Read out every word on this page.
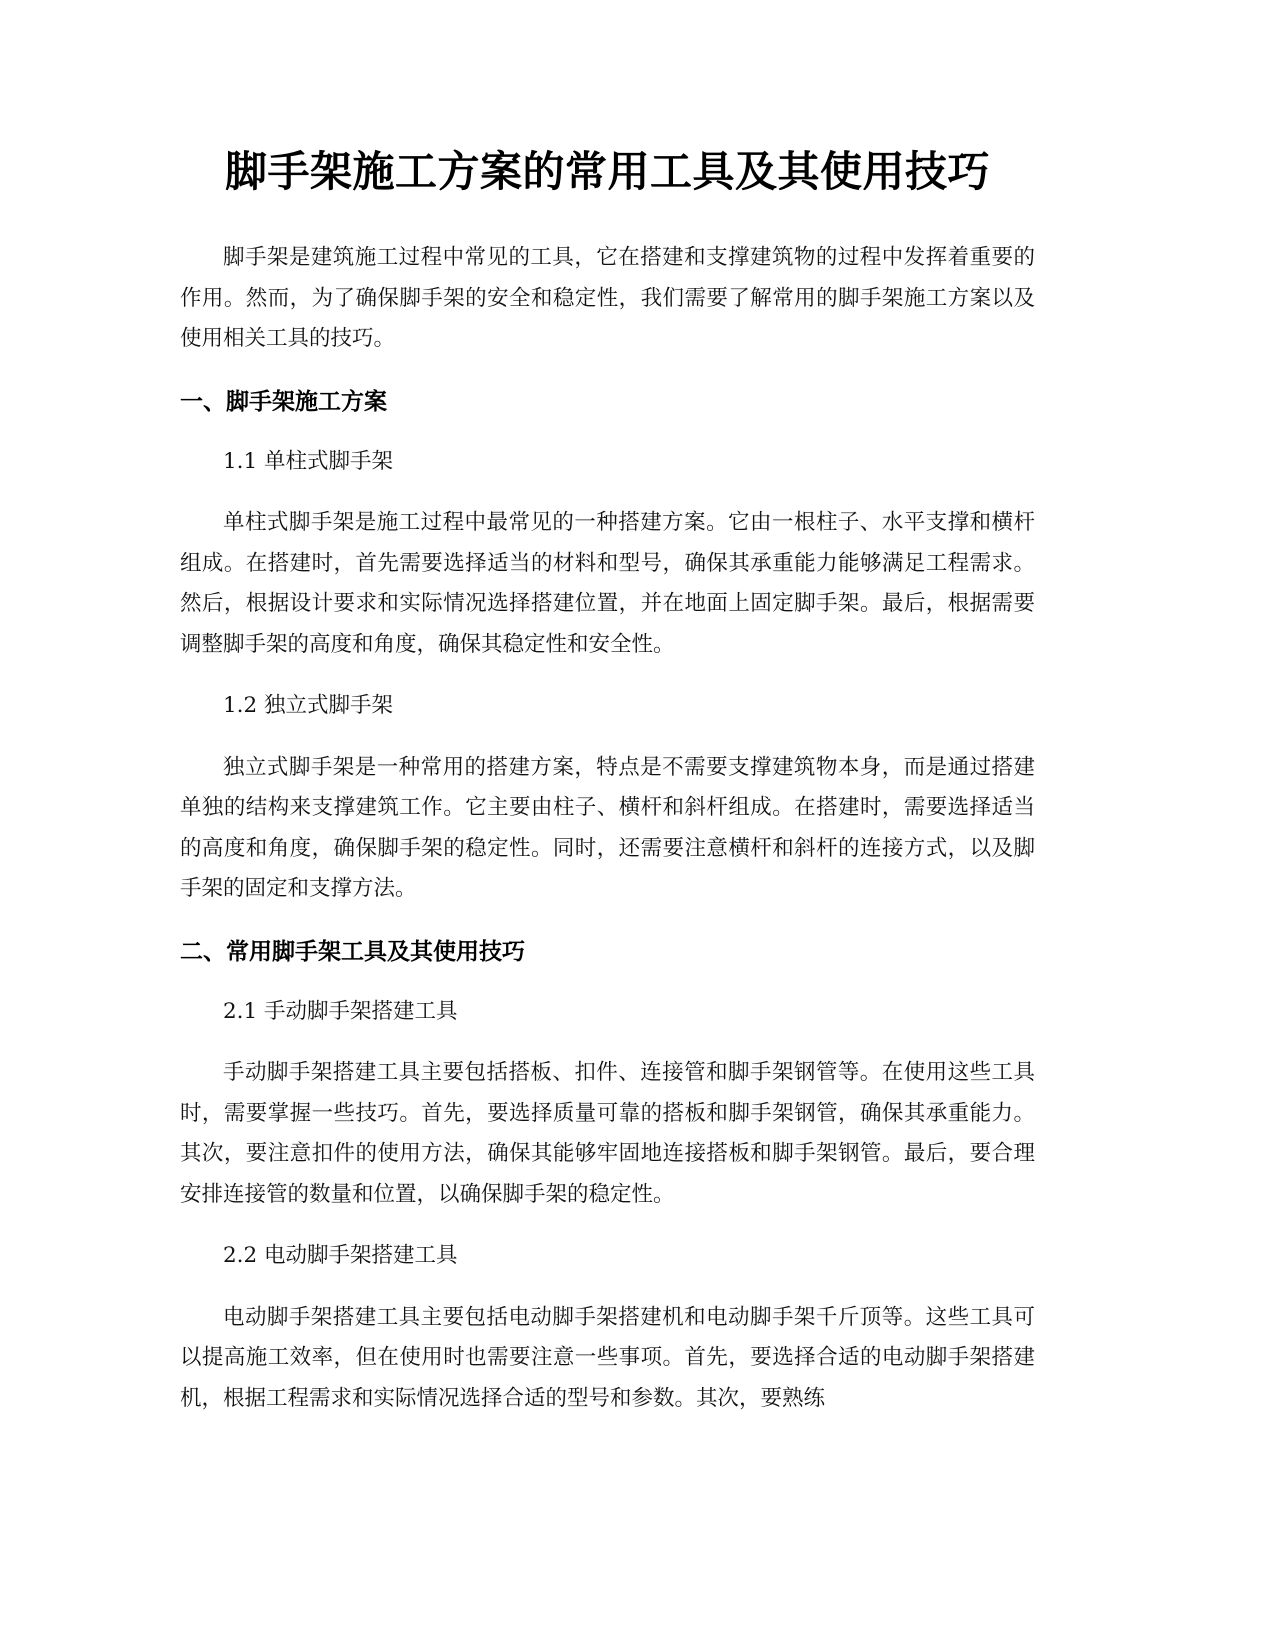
脚手架施工方案的常用工具及其使用技巧

脚手架是建筑施工过程中常见的工具，它在搭建和支撑建筑物的过程中发挥着重要的作用。然而，为了确保脚手架的安全和稳定性，我们需要了解常用的脚手架施工方案以及使用相关工具的技巧。

一、脚手架施工方案

1.1 单柱式脚手架

单柱式脚手架是施工过程中最常见的一种搭建方案。它由一根柱子、水平支撑和横杆组成。在搭建时，首先需要选择适当的材料和型号，确保其承重能力能够满足工程需求。然后，根据设计要求和实际情况选择搭建位置，并在地面上固定脚手架。最后，根据需要调整脚手架的高度和角度，确保其稳定性和安全性。

1.2 独立式脚手架

独立式脚手架是一种常用的搭建方案，特点是不需要支撑建筑物本身，而是通过搭建单独的结构来支撑建筑工作。它主要由柱子、横杆和斜杆组成。在搭建时，需要选择适当的高度和角度，确保脚手架的稳定性。同时，还需要注意横杆和斜杆的连接方式，以及脚手架的固定和支撑方法。

二、常用脚手架工具及其使用技巧

2.1 手动脚手架搭建工具

手动脚手架搭建工具主要包括搭板、扣件、连接管和脚手架钢管等。在使用这些工具时，需要掌握一些技巧。首先，要选择质量可靠的搭板和脚手架钢管，确保其承重能力。其次，要注意扣件的使用方法，确保其能够牢固地连接搭板和脚手架钢管。最后，要合理安排连接管的数量和位置，以确保脚手架的稳定性。

2.2 电动脚手架搭建工具

电动脚手架搭建工具主要包括电动脚手架搭建机和电动脚手架千斤顶等。这些工具可以提高施工效率，但在使用时也需要注意一些事项。首先，要选择合适的电动脚手架搭建机，根据工程需求和实际情况选择合适的型号和参数。其次，要熟练
